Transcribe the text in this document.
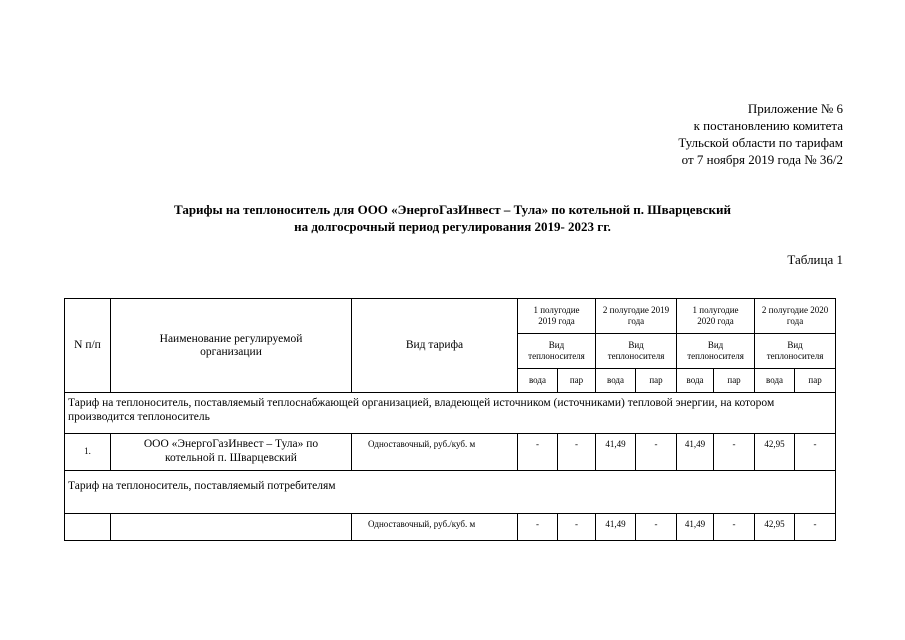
Приложение № 6
к постановлению комитета
Тульской области по тарифам
от 7 ноября 2019 года № 36/2
Тарифы на теплоноситель для ООО «ЭнергоГазИнвест – Тула» по котельной п. Шварцевский
на долгосрочный период регулирования 2019- 2023 гг.
Таблица 1
N п/п	Наименование регулируемой организации	Вид тарифа	1 полугодие 2019 года		2 полугодие 2019 года		1 полугодие 2020 года		2 полугодие 2020 года	
			Вид теплоносителя		Вид теплоносителя		Вид теплоносителя		Вид теплоносителя	
			вода	пар	вода	пар	вода	пар	вода	пар
Тариф на теплоноситель, поставляемый теплоснабжающей организацией, владеющей источником (источниками) тепловой энергии, на котором производится теплоноситель										
1.	ООО «ЭнергоГазИнвест – Тула» по котельной п. Шварцевский	Одноставочный, руб./куб. м	-	-	41,49	-	41,49	-	42,95	-
Тариф на теплоноситель, поставляемый потребителям										
		Одноставочный, руб./куб. м	-	-	41,49	-	41,49	-	42,95	-
